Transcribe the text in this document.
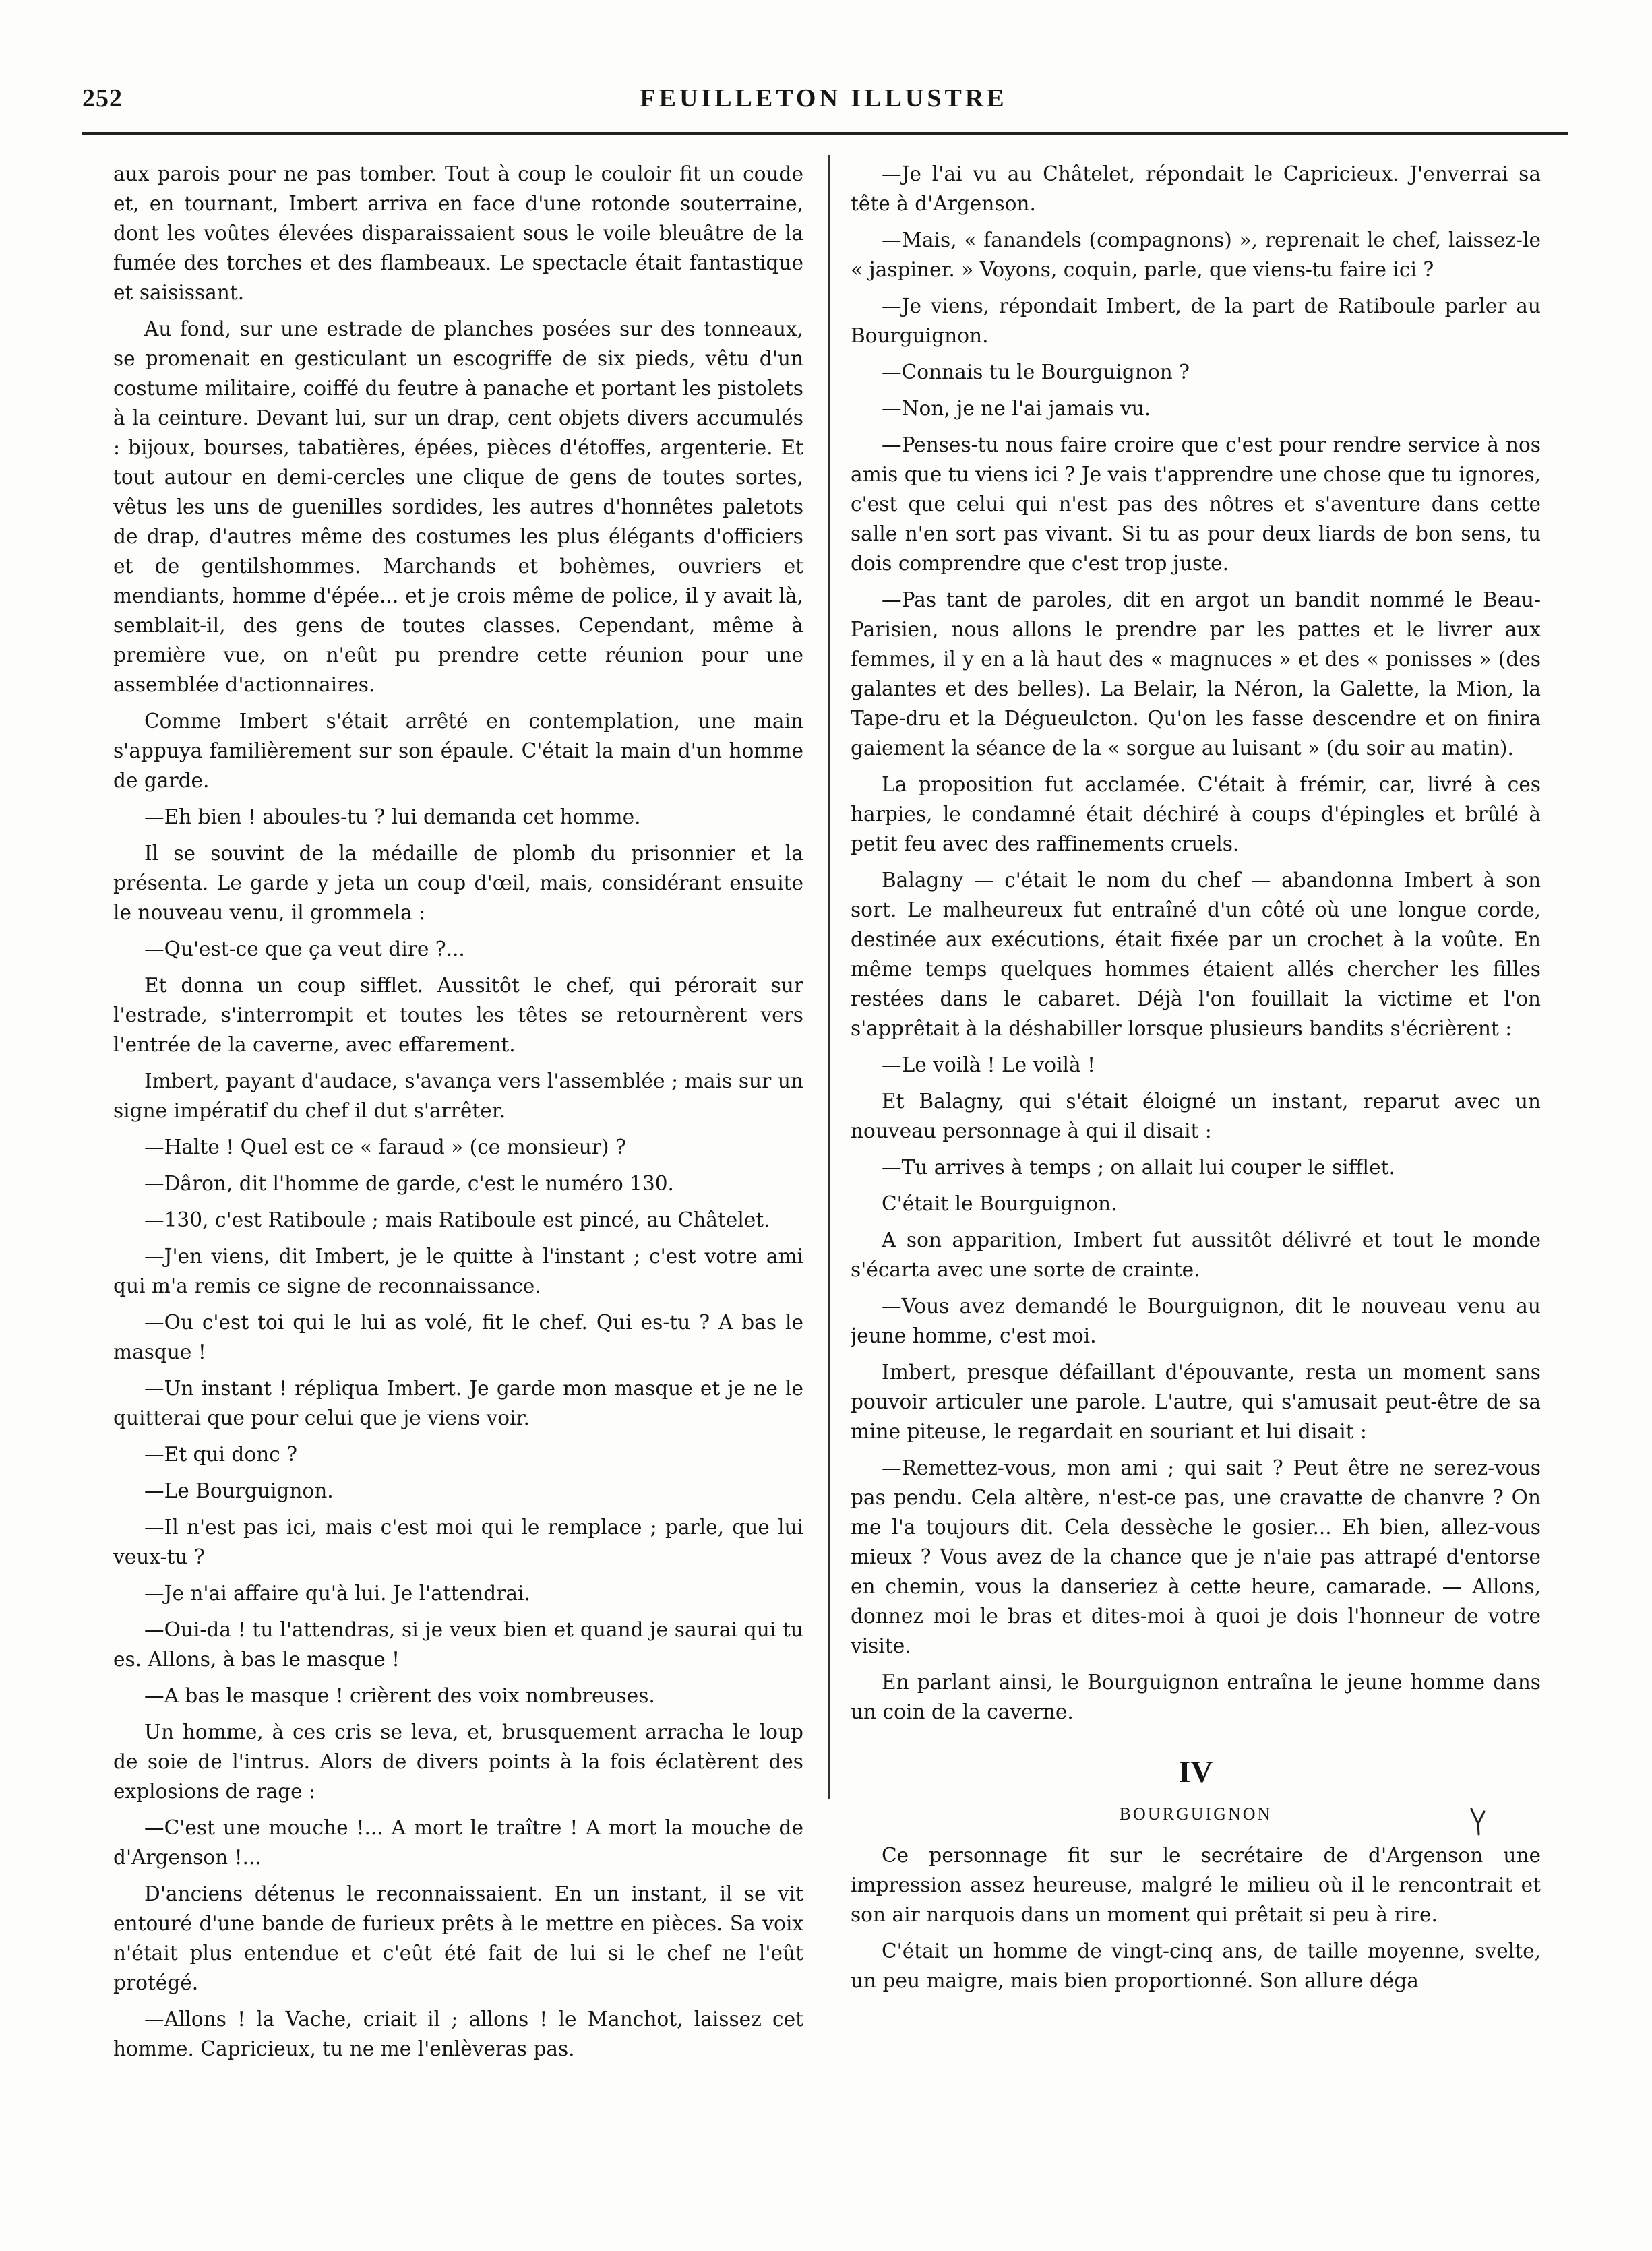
252	FEUILLETON ILLUSTRE

aux parois pour ne pas tomber. Tout à coup le couloir fit un coude et, en tournant, Imbert arriva en face d'une rotonde souterraine, dont les voûtes élevées disparaissaient sous le voile bleuâtre de la fumée des torches et des flambeaux. Le spectacle était fantastique et saisissant.

Au fond, sur une estrade de planches posées sur des tonneaux, se promenait en gesticulant un escogriffe de six pieds, vêtu d'un costume militaire, coiffé du feutre à panache et portant les pistolets à la ceinture. Devant lui, sur un drap, cent objets divers accumulés : bijoux, bourses, tabatières, épées, pièces d'étoffes, argenterie. Et tout autour en demi-cercles une clique de gens de toutes sortes, vêtus les uns de guenilles sordides, les autres d'honnêtes paletots de drap, d'autres même des costumes les plus élégants d'officiers et de gentilshommes. Marchands et bohèmes, ouvriers et mendiants, homme d'épée... et je crois même de police, il y avait là, semblait-il, des gens de toutes classes. Cependant, même à première vue, on n'eût pu prendre cette réunion pour une assemblée d'actionnaires.

Comme Imbert s'était arrêté en contemplation, une main s'appuya familièrement sur son épaule. C'était la main d'un homme de garde.

—Eh bien ! aboules-tu ? lui demanda cet homme.

Il se souvint de la médaille de plomb du prisonnier et la présenta. Le garde y jeta un coup d'œil, mais, considérant ensuite le nouveau venu, il grommela :

—Qu'est-ce que ça veut dire ?...

Et donna un coup sifflet. Aussitôt le chef, qui pérorait sur l'estrade, s'interrompit et toutes les têtes se retournèrent vers l'entrée de la caverne, avec effarement.

Imbert, payant d'audace, s'avança vers l'assemblée ; mais sur un signe impératif du chef il dut s'arrêter.

—Halte ! Quel est ce « faraud » (ce monsieur) ?

—Dâron, dit l'homme de garde, c'est le numéro 130.

—130, c'est Ratiboule ; mais Ratiboule est pincé, au Châtelet.

—J'en viens, dit Imbert, je le quitte à l'instant ; c'est votre ami qui m'a remis ce signe de reconnaissance.

—Ou c'est toi qui le lui as volé, fit le chef. Qui es-tu ? A bas le masque !

—Un instant ! répliqua Imbert. Je garde mon masque et je ne le quitterai que pour celui que je viens voir.

—Et qui donc ?

—Le Bourguignon.

—Il n'est pas ici, mais c'est moi qui le remplace ; parle, que lui veux-tu ?

—Je n'ai affaire qu'à lui. Je l'attendrai.

—Oui-da ! tu l'attendras, si je veux bien et quand je saurai qui tu es. Allons, à bas le masque !

—A bas le masque ! crièrent des voix nombreuses.

Un homme, à ces cris se leva, et, brusquement arracha le loup de soie de l'intrus. Alors de divers points à la fois éclatèrent des explosions de rage :

—C'est une mouche !... A mort le traître ! A mort la mouche de d'Argenson !...

D'anciens détenus le reconnaissaient. En un instant, il se vit entouré d'une bande de furieux prêts à le mettre en pièces. Sa voix n'était plus entendue et c'eût été fait de lui si le chef ne l'eût protégé.

—Allons ! la Vache, criait il ; allons ! le Manchot, laissez cet homme. Capricieux, tu ne me l'enlèveras pas.

—Je l'ai vu au Châtelet, répondait le Capricieux. J'enverrai sa tête à d'Argenson.

—Mais, « fanandels (compagnons) », reprenait le chef, laissez-le « jaspiner. » Voyons, coquin, parle, que viens-tu faire ici ?

—Je viens, répondait Imbert, de la part de Ratiboule parler au Bourguignon.

—Connais tu le Bourguignon ?

—Non, je ne l'ai jamais vu.

—Penses-tu nous faire croire que c'est pour rendre service à nos amis que tu viens ici ? Je vais t'apprendre une chose que tu ignores, c'est que celui qui n'est pas des nôtres et s'aventure dans cette salle n'en sort pas vivant. Si tu as pour deux liards de bon sens, tu dois comprendre que c'est trop juste.

—Pas tant de paroles, dit en argot un bandit nommé le Beau-Parisien, nous allons le prendre par les pattes et le livrer aux femmes, il y en a là haut des « magnuces » et des « ponisses » (des galantes et des belles). La Belair, la Néron, la Galette, la Mion, la Tape-dru et la Dégueulcton. Qu'on les fasse descendre et on finira gaiement la séance de la « sorgue au luisant » (du soir au matin).

La proposition fut acclamée. C'était à frémir, car, livré à ces harpies, le condamné était déchiré à coups d'épingles et brûlé à petit feu avec des raffinements cruels.

Balagny — c'était le nom du chef — abandonna Imbert à son sort. Le malheureux fut entraîné d'un côté où une longue corde, destinée aux exécutions, était fixée par un crochet à la voûte. En même temps quelques hommes étaient allés chercher les filles restées dans le cabaret. Déjà l'on fouillait la victime et l'on s'apprêtait à la déshabiller lorsque plusieurs bandits s'écrièrent :

—Le voilà ! Le voilà !

Et Balagny, qui s'était éloigné un instant, reparut avec un nouveau personnage à qui il disait :

—Tu arrives à temps ; on allait lui couper le sifflet.

C'était le Bourguignon.

A son apparition, Imbert fut aussitôt délivré et tout le monde s'écarta avec une sorte de crainte.

—Vous avez demandé le Bourguignon, dit le nouveau venu au jeune homme, c'est moi.

Imbert, presque défaillant d'épouvante, resta un moment sans pouvoir articuler une parole. L'autre, qui s'amusait peut-être de sa mine piteuse, le regardait en souriant et lui disait :

—Remettez-vous, mon ami ; qui sait ? Peut être ne serez-vous pas pendu. Cela altère, n'est-ce pas, une cravatte de chanvre ? On me l'a toujours dit. Cela dessèche le gosier... Eh bien, allez-vous mieux ? Vous avez de la chance que je n'aie pas attrapé d'entorse en chemin, vous la danseriez à cette heure, camarade. — Allons, donnez moi le bras et dites-moi à quoi je dois l'honneur de votre visite.

En parlant ainsi, le Bourguignon entraîna le jeune homme dans un coin de la caverne.

IV
BOURGUIGNON

Ce personnage fit sur le secrétaire de d'Argenson une impression assez heureuse, malgré le milieu où il le rencontrait et son air narquois dans un moment qui prêtait si peu à rire.

C'était un homme de vingt-cinq ans, de taille moyenne, svelte, un peu maigre, mais bien proportionné. Son allure déga
